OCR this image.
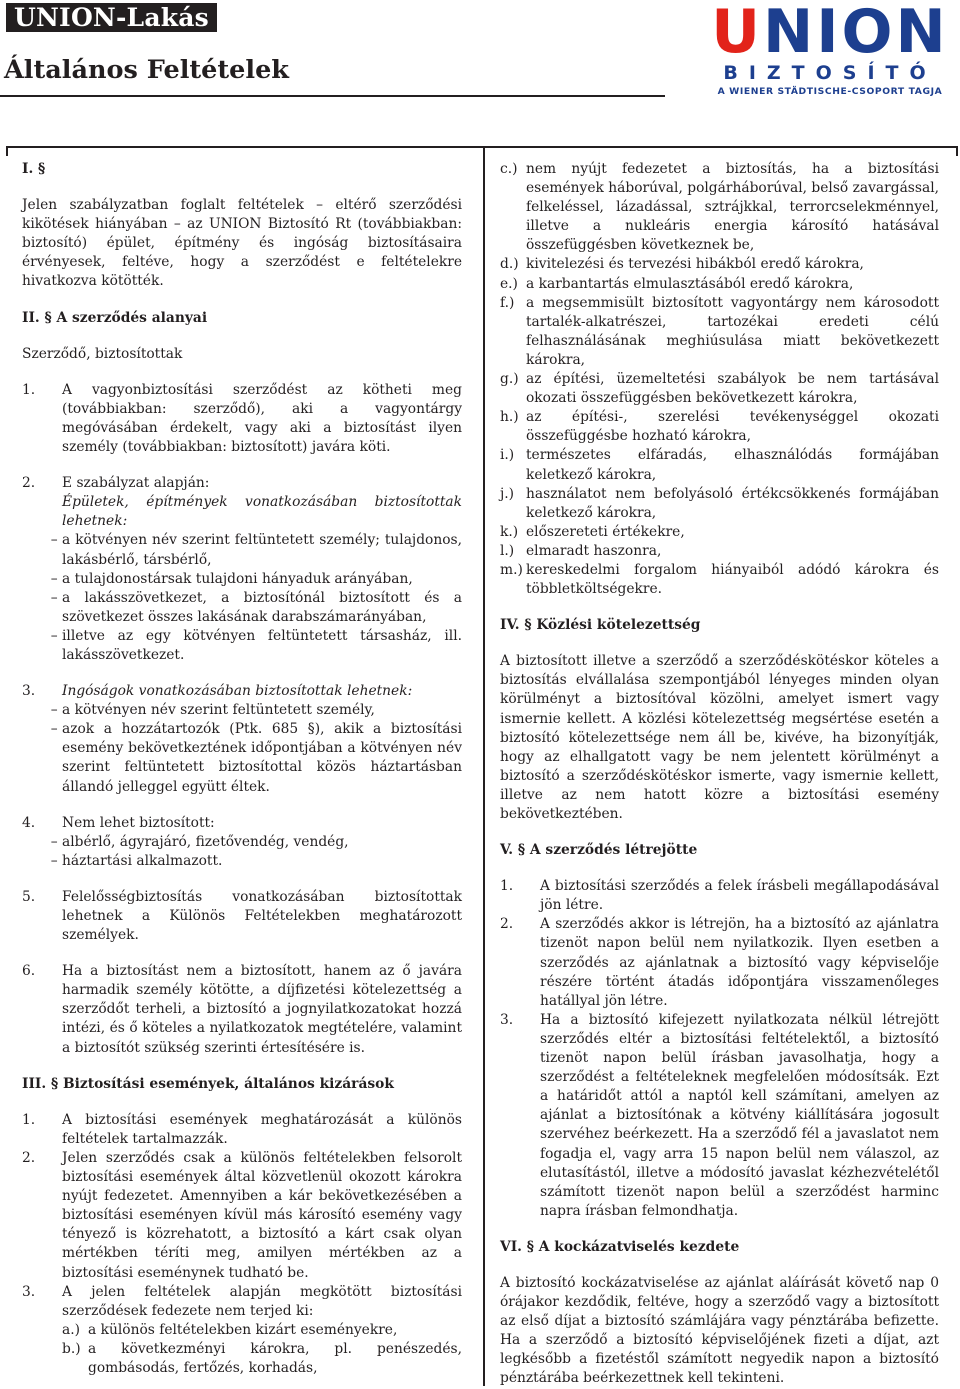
UNION-Lakás
Általános Feltételek
UNION
BIZTOSÍTÓ
A WIENER STÄDTISCHE-CSOPORT TAGJA

I. §

Jelen szabályzatban foglalt feltételek – eltérő szerződési kikötések hiányában – az UNION Biztosító Rt (továbbiakban: biztosító) épület, építmény és ingóság biztosításaira érvényesek, feltéve, hogy a szerződést e feltételekre hivatkozva kötötték.

II. § A szerződés alanyai

Szerződő, biztosítottak

1.	A vagyonbiztosítási szerződést az kötheti meg (továbbiakban: szerződő), aki a vagyontárgy megóvásában érdekelt, vagy aki a biztosítást ilyen személy (továbbiakban: biztosított) javára köti.
2.	E szabályzat alapján:
Épületek, építmények vonatkozásában biztosítottak lehetnek:
– a kötvényen név szerint feltüntetett személy; tulajdonos, lakásbérlő, társbérlő,
– a tulajdonostársak tulajdoni hányaduk arányában,
– a lakásszövetkezet, a biztosítónál biztosított és a szövetkezet összes lakásának darabszámarányában,
– illetve az egy kötvényen feltüntetett társasház, ill. lakásszövetkezet.
3.	Ingóságok vonatkozásában biztosítottak lehetnek:
– a kötvényen név szerint feltüntetett személy,
– azok a hozzátartozók (Ptk. 685 §), akik a biztosítási esemény bekövetkeztének időpontjában a kötvényen név szerint feltüntetett biztosítottal közös háztartásban állandó jelleggel együtt éltek.
4.	Nem lehet biztosított:
– albérlő, ágyrajáró, fizetővendég, vendég,
– háztartási alkalmazott.
5.	Felelősségbiztosítás vonatkozásában biztosítottak lehetnek a Különös Feltételekben meghatározott személyek.
6.	Ha a biztosítást nem a biztosított, hanem az ő javára harmadik személy kötötte, a díjfizetési kötelezettség a szerződőt terheli, a biztosító a jognyilatkozatokat hozzá intézi, és ő köteles a nyilatkozatok megtételére, valamint a biztosítót szükség szerinti értesítésére is.

III. § Biztosítási események, általános kizárások

1.	A biztosítási események meghatározását a különös feltételek tartalmazzák.
2.	Jelen szerződés csak a különös feltételekben felsorolt biztosítási események által közvetlenül okozott károkra nyújt fedezetet. Amennyiben a kár bekövetkezésében a biztosítási eseményen kívül más károsító esemény vagy tényező is közrehatott, a biztosító a kárt csak olyan mértékben téríti meg, amilyen mértékben az a biztosítási eseménynek tudható be.
3.	A jelen feltételek alapján megkötött biztosítási szerződések fedezete nem terjed ki:
a.) a különös feltételekben kizárt eseményekre,
b.) a következményi károkra, pl. penészedés, gombásodás, fertőzés, korhadás,
c.) nem nyújt fedezetet a biztosítás, ha a biztosítási események háborúval, polgárháborúval, belső zavargással, felkeléssel, lázadással, sztrájkkal, terrorcselekménnyel, illetve a nukleáris energia károsító hatásával összefüggésben következnek be,
d.) kivitelezési és tervezési hibákból eredő károkra,
e.) a karbantartás elmulasztásából eredő károkra,
f.) a megsemmisült biztosított vagyontárgy nem károsodott tartalék-alkatrészei, tartozékai eredeti célú felhasználásának meghiúsulása miatt bekövetkezett károkra,
g.) az építési, üzemeltetési szabályok be nem tartásával okozati összefüggésben bekövetkezett károkra,
h.) az építési-, szerelési tevékenységgel okozati összefüggésbe hozható károkra,
i.) természetes elfáradás, elhasználódás formájában keletkező károkra,
j.) használatot nem befolyásoló értékcsökkenés formájában keletkező károkra,
k.) előszereteti értékekre,
l.) elmaradt haszonra,
m.) kereskedelmi forgalom hiányaiból adódó károkra és többletköltségekre.

IV. § Közlési kötelezettség

A biztosított illetve a szerződő a szerződéskötéskor köteles a biztosítás elvállalása szempontjából lényeges minden olyan körülményt a biztosítóval közölni, amelyet ismert vagy ismernie kellett. A közlési kötelezettség megsértése esetén a biztosító kötelezettsége nem áll be, kivéve, ha bizonyítják, hogy az elhallgatott vagy be nem jelentett körülményt a biztosító a szerződéskötéskor ismerte, vagy ismernie kellett, illetve az nem hatott közre a biztosítási esemény bekövetkeztében.

V. § A szerződés létrejötte

1.	A biztosítási szerződés a felek írásbeli megállapodásával jön létre.
2.	A szerződés akkor is létrejön, ha a biztosító az ajánlatra tizenöt napon belül nem nyilatkozik. Ilyen esetben a szerződés az ajánlatnak a biztosító vagy képviselője részére történt átadás időpontjára visszamenőleges hatállyal jön létre.
3.	Ha a biztosító kifejezett nyilatkozata nélkül létrejött szerződés eltér a biztosítási feltételektől, a biztosító tizenöt napon belül írásban javasolhatja, hogy a szerződést a feltételeknek megfelelően módosítsák. Ezt a határidőt attól a naptól kell számítani, amelyen az ajánlat a biztosítónak a kötvény kiállítására jogosult szervéhez beérkezett. Ha a szerződő fél a javaslatot nem fogadja el, vagy arra 15 napon belül nem válaszol, az elutasítástól, illetve a módosító javaslat kézhezvételétől számított tizenöt napon belül a szerződést harminc napra írásban felmondhatja.

VI. § A kockázatviselés kezdete

A biztosító kockázatviselése az ajánlat aláírását követő nap 0 órájakor kezdődik, feltéve, hogy a szerződő vagy a biztosított az első díjat a biztosító számlájára vagy pénztárába befizette. Ha a szerződő a biztosító képviselőjének fizeti a díjat, azt legkésőbb a fizetéstől számított negyedik napon a biztosító pénztárába beérkezettnek kell tekinteni.
